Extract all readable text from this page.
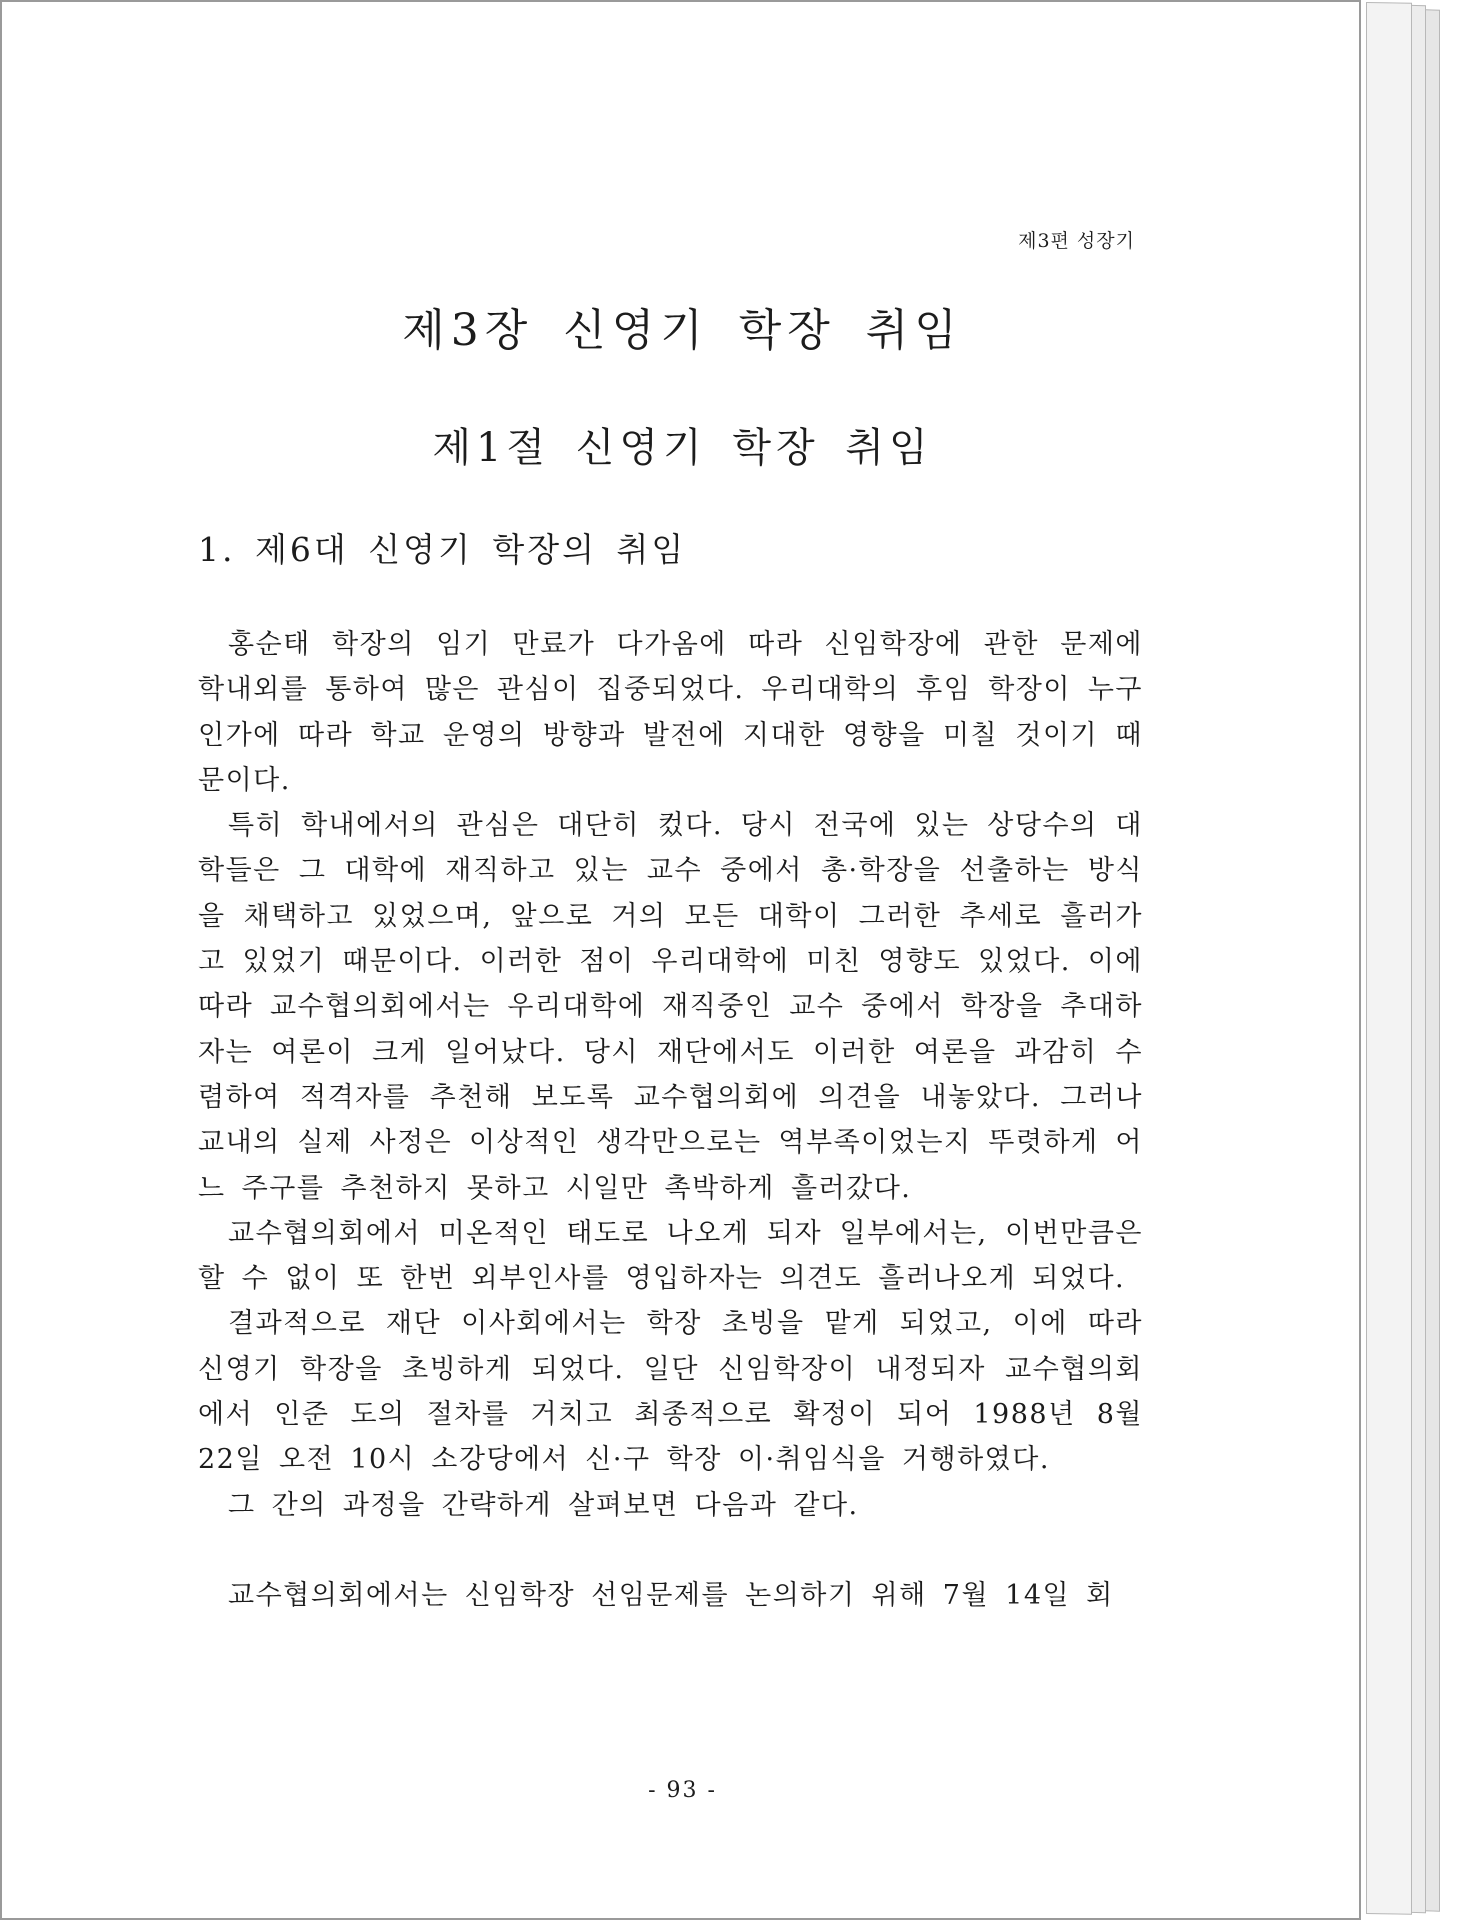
제3편 성장기
제3장 신영기 학장 취임
제1절 신영기 학장 취임
1. 제6대 신영기 학장의 취임

홍순태 학장의 임기 만료가 다가옴에 따라 신임학장에 관한 문제에 학내외를 통하여 많은 관심이 집중되었다. 우리대학의 후임 학장이 누구인가에 따라 학교 운영의 방향과 발전에 지대한 영향을 미칠 것이기 때문이다.

특히 학내에서의 관심은 대단히 컸다. 당시 전국에 있는 상당수의 대학들은 그 대학에 재직하고 있는 교수 중에서 총·학장을 선출하는 방식을 채택하고 있었으며, 앞으로 거의 모든 대학이 그러한 추세로 흘러가고 있었기 때문이다. 이러한 점이 우리대학에 미친 영향도 있었다. 이에 따라 교수협의회에서는 우리대학에 재직중인 교수 중에서 학장을 추대하자는 여론이 크게 일어났다. 당시 재단에서도 이러한 여론을 과감히 수렴하여 적격자를 추천해 보도록 교수협의회에 의견을 내놓았다. 그러나 교내의 실제 사정은 이상적인 생각만으로는 역부족이었는지 뚜렷하게 어느 주구를 추천하지 못하고 시일만 촉박하게 흘러갔다.

교수협의회에서 미온적인 태도로 나오게 되자 일부에서는, 이번만큼은 할 수 없이 또 한번 외부인사를 영입하자는 의견도 흘러나오게 되었다.

결과적으로 재단 이사회에서는 학장 초빙을 맡게 되었고, 이에 따라 신영기 학장을 초빙하게 되었다. 일단 신임학장이 내정되자 교수협의회에서 인준 도의 절차를 거치고 최종적으로 확정이 되어 1988년 8월 22일 오전 10시 소강당에서 신·구 학장 이·취임식을 거행하였다.

그 간의 과정을 간략하게 살펴보면 다음과 같다.

교수협의회에서는 신임학장 선임문제를 논의하기 위해 7월 14일 회

- 93 -
